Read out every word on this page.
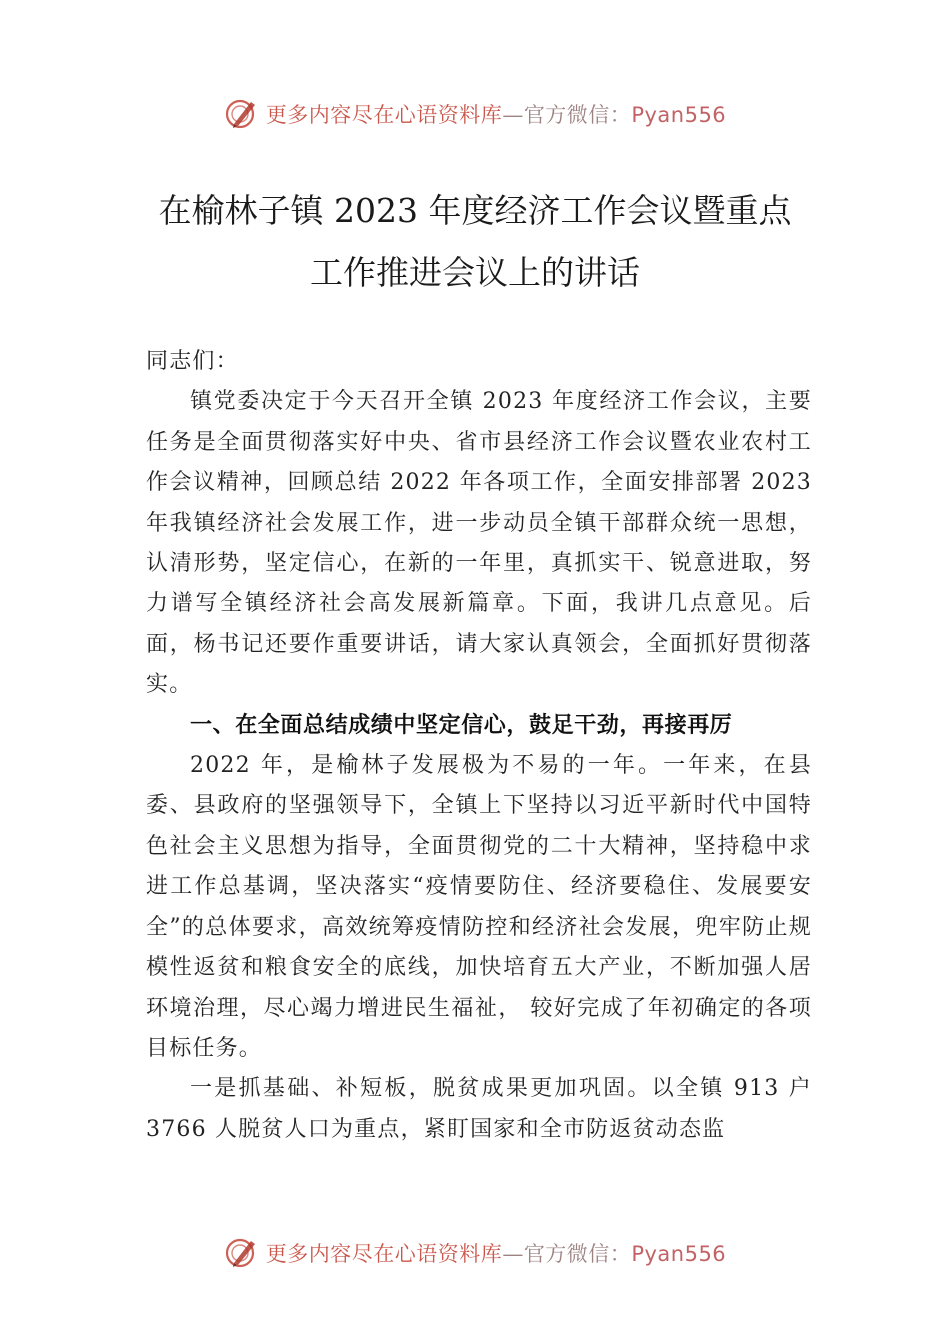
更多内容尽在心语资料库—官方微信：Pyan556
在榆林子镇 2023 年度经济工作会议暨重点
工作推进会议上的讲话

同志们：

镇党委决定于今天召开全镇 2023 年度经济工作会议，主要任务是全面贯彻落实好中央、省市县经济工作会议暨农业农村工作会议精神，回顾总结 2022 年各项工作，全面安排部署 2023 年我镇经济社会发展工作，进一步动员全镇干部群众统一思想，认清形势，坚定信心，在新的一年里，真抓实干、锐意进取，努力谱写全镇经济社会高发展新篇章。下面，我讲几点意见。后面，杨书记还要作重要讲话，请大家认真领会，全面抓好贯彻落实。

一、在全面总结成绩中坚定信心，鼓足干劲，再接再厉

2022 年，是榆林子发展极为不易的一年。一年来，在县委、县政府的坚强领导下，全镇上下坚持以习近平新时代中国特色社会主义思想为指导，全面贯彻党的二十大精神，坚持稳中求进工作总基调，坚决落实“疫情要防住、经济要稳住、发展要安全”的总体要求，高效统筹疫情防控和经济社会发展，兜牢防止规模性返贫和粮食安全的底线，加快培育五大产业，不断加强人居环境治理，尽心竭力增进民生福祉， 较好完成了年初确定的各项目标任务。

一是抓基础、补短板，脱贫成果更加巩固。以全镇 913 户 3766 人脱贫人口为重点，紧盯国家和全市防返贫动态监

更多内容尽在心语资料库—官方微信：Pyan556
